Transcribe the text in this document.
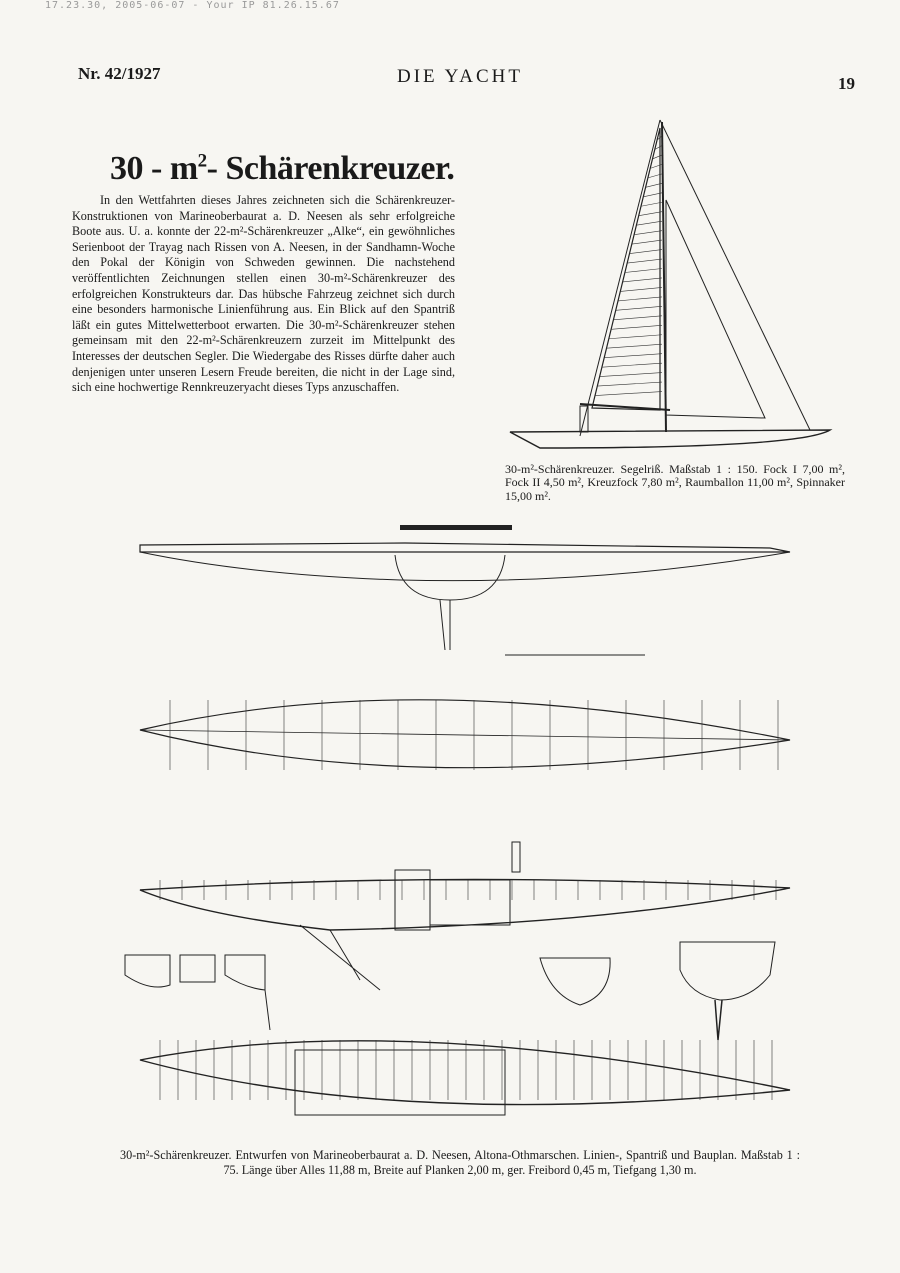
17.23.30, 2005-06-07 - Your IP 81.26.15.67
Nr. 42/1927	DIE YACHT	19
$30 - m^2-$ Schärenkreuzer.
In den Wettfahrten dieses Jahres zeichneten sich die Schärenkreuzer-Konstruktionen von Marineoberbaurat a. D. Neesen als sehr erfolgreiche Boote aus. U. a. konnte der 22-m²-Schärenkreuzer „Alke“, ein gewöhnliches Serienboot der Trayag nach Rissen von A. Neesen, in der Sandhamn-Woche den Pokal der Königin von Schweden gewinnen. Die nachstehend veröffentlichten Zeichnungen stellen einen 30-m²-Schärenkreuzer des erfolgreichen Konstrukteurs dar. Das hübsche Fahrzeug zeichnet sich durch eine besonders harmonische Linienführung aus. Ein Blick auf den Spantriß läßt ein gutes Mittelwetterboot erwarten. Die 30-m²-Schärenkreuzer stehen gemeinsam mit den 22-m²-Schärenkreuzern zurzeit im Mittelpunkt des Interesses der deutschen Segler. Die Wiedergabe des Risses dürfte daher auch denjenigen unter unseren Lesern Freude bereiten, die nicht in der Lage sind, sich eine hochwertige Rennkreuzeryacht dieses Typs anzuschaffen.
30-m²-Schärenkreuzer. Segelriß. Maßstab 1 : 150. Fock I 7,00 m², Fock II 4,50 m², Kreuzfock 7,80 m², Raumballon 11,00 m², Spinnaker 15,00 m².
30-m²-Schärenkreuzer. Entwurfen von Marineoberbaurat a. D. Neesen, Altona-Othmarschen. Linien-, Spantriß und Bauplan. Maßstab 1 : 75. Länge über Alles 11,88 m, Breite auf Planken 2,00 m, ger. Freibord 0,45 m, Tiefgang 1,30 m.
